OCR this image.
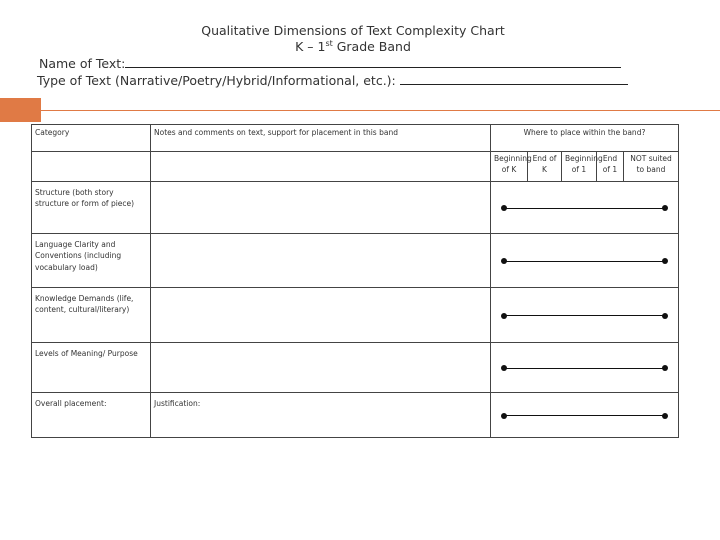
Qualitative Dimensions of Text Complexity Chart
K – 1st Grade Band
Name of Text:
Type of Text (Narrative/Poetry/Hybrid/Informational, etc.):
Category	Notes and comments on text, support for placement in this band	Where to place within the band?				
		Beginning of K	End of K	Beginning of 1	End of 1	NOT suited to band

Structure (both story structure or form of piece)						

Language Clarity and Conventions (including vocabulary load)						

Knowledge Demands (life, content, cultural/literary)						

Levels of Meaning/ Purpose						

Overall placement:	Justification:					
